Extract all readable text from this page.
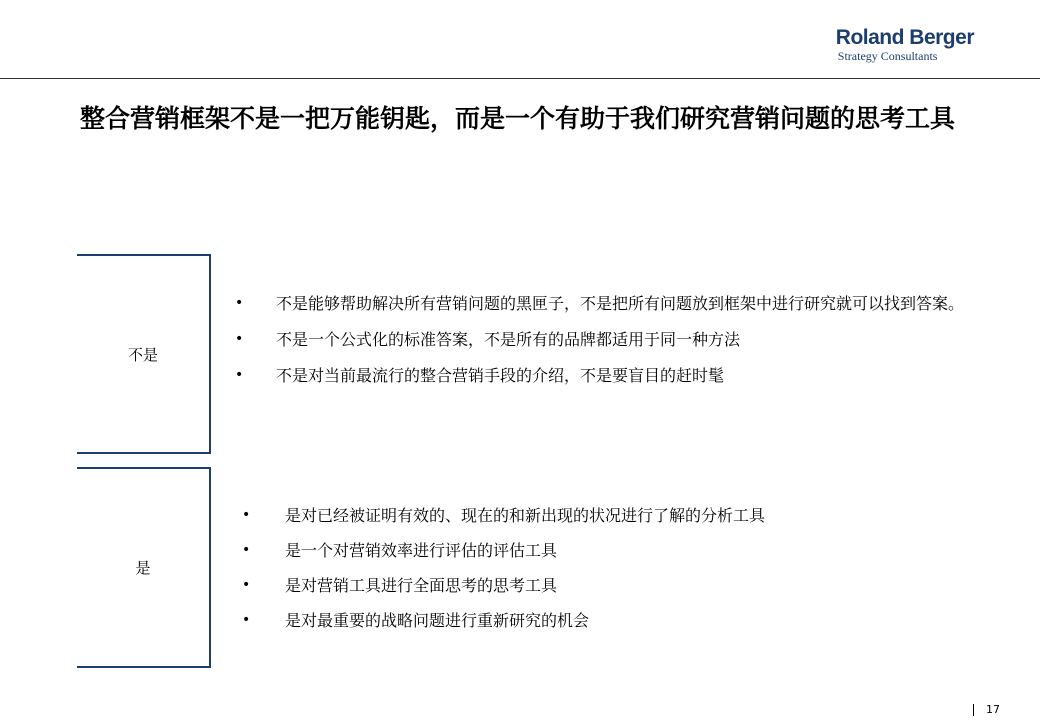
Roland Berger
Strategy Consultants
整合营销框架不是一把万能钥匙，而是一个有助于我们研究营销问题的思考工具
不是
• 不是能够帮助解决所有营销问题的黑匣子，不是把所有问题放到框架中进行研究就可以找到答案。
• 不是一个公式化的标准答案，不是所有的品牌都适用于同一种方法
• 不是对当前最流行的整合营销手段的介绍，不是要盲目的赶时髦
是
• 是对已经被证明有效的、现在的和新出现的状况进行了解的分析工具
• 是一个对营销效率进行评估的评估工具
• 是对营销工具进行全面思考的思考工具
• 是对最重要的战略问题进行重新研究的机会
17
